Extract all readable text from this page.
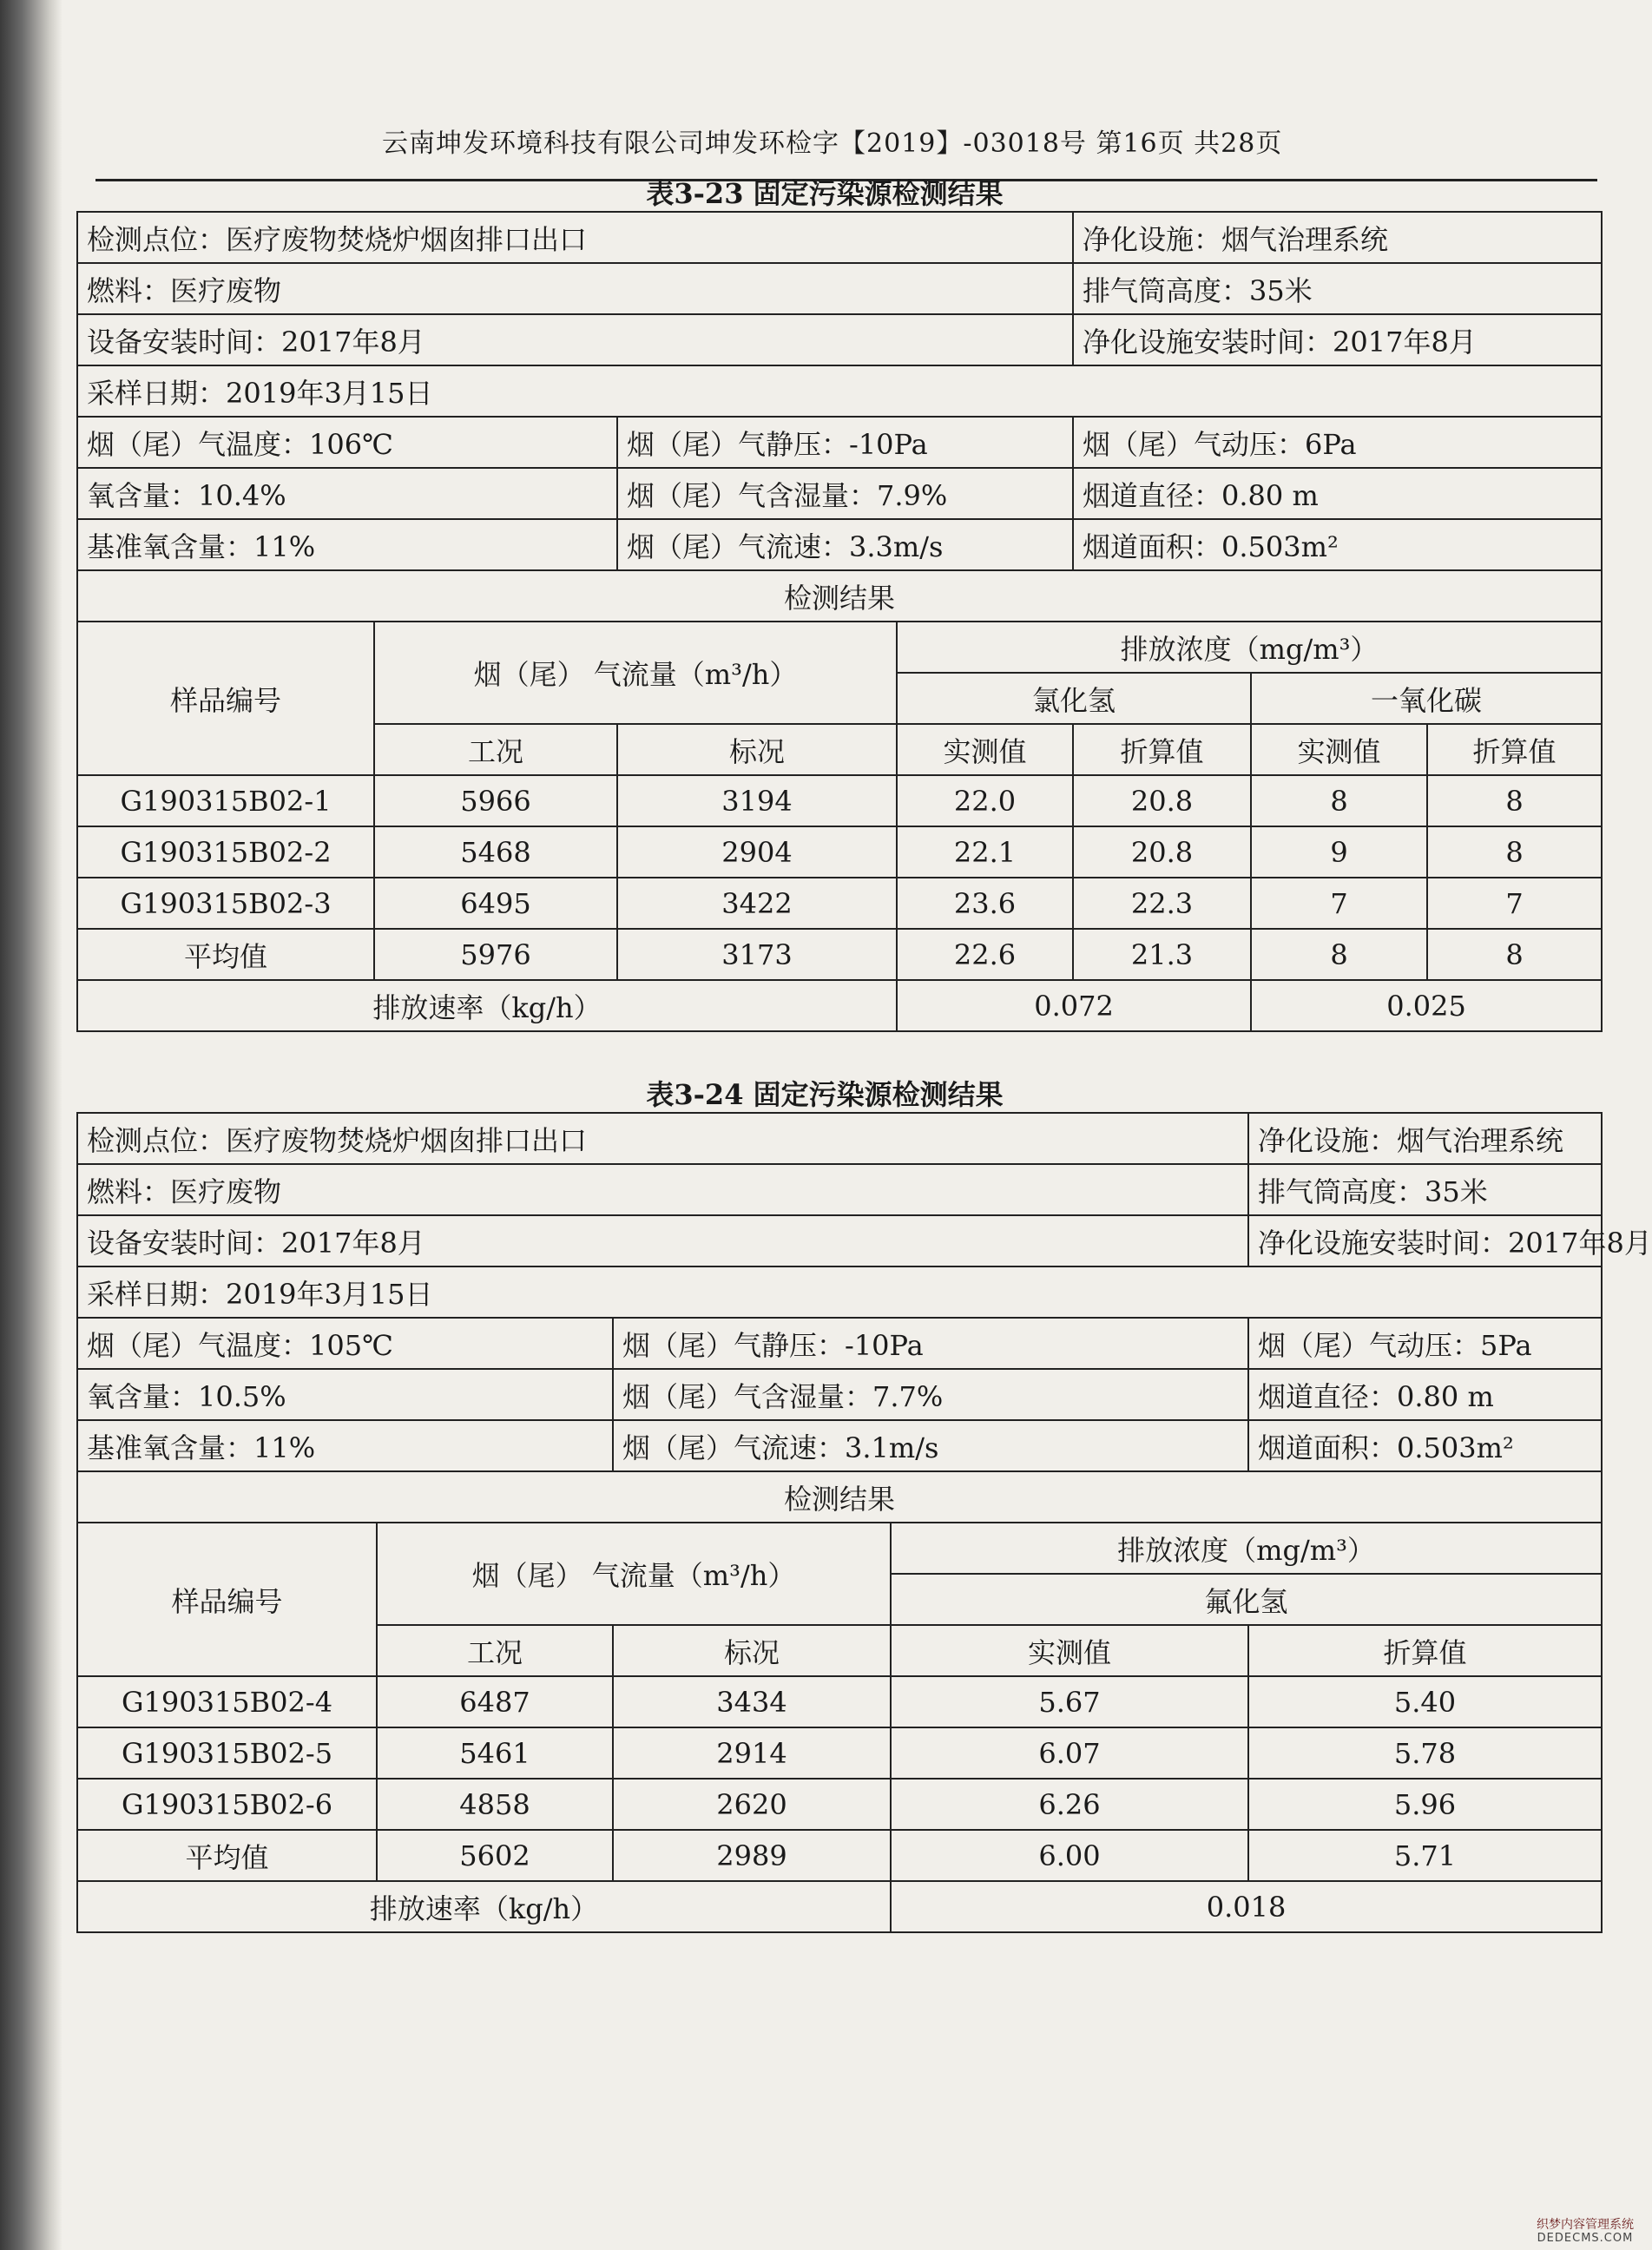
云南坤发环境科技有限公司坤发环检字【2019】-03018号 第16页 共28页
表3-23 固定污染源检测结果
检测点位：医疗废物焚烧炉烟囱排口出口				净化设施：烟气治理系统		
燃料：医疗废物				排气筒高度：35米		
设备安装时间：2017年8月				净化设施安装时间：2017年8月		
采样日期：2019年3月15日						
烟（尾）气温度：106℃		烟（尾）气静压：-10Pa		烟（尾）气动压：6Pa		
氧含量：10.4%		烟（尾）气含湿量：7.9%		烟道直径：0.80 m		
基准氧含量：11%		烟（尾）气流速：3.3m/s		烟道面积：0.503m²		
检测结果						
样品编号	烟（尾） 气流量（m³/h）		排放浓度（mg/m³）			
			氯化氢		一氧化碳	
	工况	标况	实测值	折算值	实测值	折算值
G190315B02-1	5966	3194	22.0	20.8	8	8
G190315B02-2	5468	2904	22.1	20.8	9	8
G190315B02-3	6495	3422	23.6	22.3	7	7
平均值	5976	3173	22.6	21.3	8	8
排放速率（kg/h）			0.072		0.025	
表3-24 固定污染源检测结果
检测点位：医疗废物焚烧炉烟囱排口出口				净化设施：烟气治理系统
燃料：医疗废物				排气筒高度：35米
设备安装时间：2017年8月				净化设施安装时间：2017年8月
采样日期：2019年3月15日				
烟（尾）气温度：105℃		烟（尾）气静压：-10Pa		烟（尾）气动压：5Pa
氧含量：10.5%		烟（尾）气含湿量：7.7%		烟道直径：0.80 m
基准氧含量：11%		烟（尾）气流速：3.1m/s		烟道面积：0.503m²
检测结果				
样品编号	烟（尾） 气流量（m³/h）		排放浓度（mg/m³）	
			氟化氢	
	工况	标况	实测值	折算值
G190315B02-4	6487	3434	5.67	5.40
G190315B02-5	5461	2914	6.07	5.78
G190315B02-6	4858	2620	6.26	5.96
平均值	5602	2989	6.00	5.71
排放速率（kg/h）			0.018	
织梦内容管理系统
DEDECMS.COM
